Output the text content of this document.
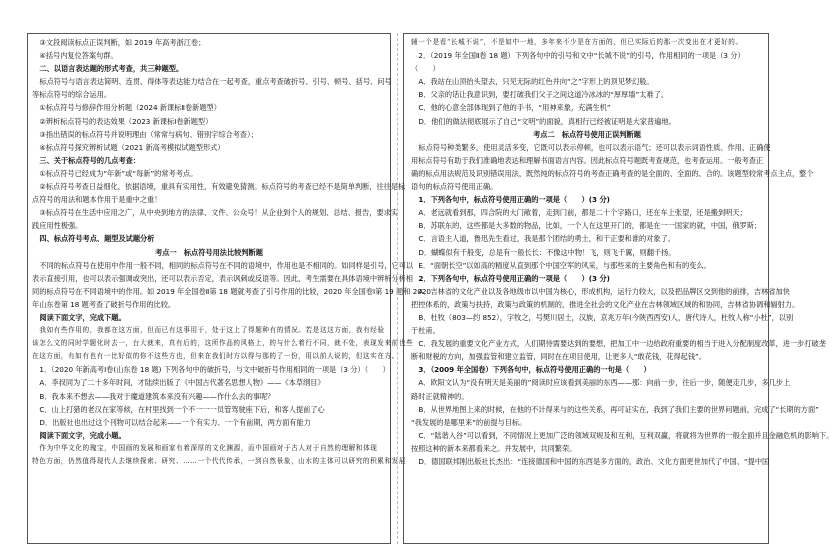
③文段阅读标点正误判断，如 2019 年高考浙江卷；

④括号内复位答案句群。

二、以语言表达题的形式考查，共三种题型。

标点符号与语言表达简明、连贯、得体等表达能力结合在一起考查，重点考查破折号、引号、顿号、括号、问号

等标点符号的综合运用。

①标点符号与修辞作用分析题（2024 新课标Ⅱ卷新题型）

②辨析标点符号的表达效果（2023 新课标Ⅰ卷新题型）

③指出错误的标点符号并说明理由（常常与病句、错别字综合考查）；

④标点符号探究辨析试题（2021 新高考模拟试题型形式）

三、关于标点符号的几点考查：

①标点符号已经成为“年新”或“每新”的常考考点。

②标点符号考查日益细化，依据语境，重具有实用性，有效避免猜测。标点符号的考查已经不是简单判断，往往是标

点符号的用法和题本作用于是重中之重！

③标点符号在生活中应用之广，从中央到地方的法律、文件、公众号！从企业到个人的规划、总结、报告，要求实

践应用性极强。

四、标点符号考点、题型及试题分析

考点一　标点符号用法比较判断题

不同的标点符号在使用中作用一般不同，相同的标点符号在不同的语境中，作用也是不相同的。如同样是引号，它可以

表示直接引用，也可以表示强调或突出，还可以表示否定，表示讽刺或反语等。因此，考生需要在具体语境中辨析分析相

同的标点符号在不同语境中的作用。如 2019 年全国卷Ⅱ第 18 题就考查了引号作用的比较，2020 年全国卷Ⅰ第 19 题和 2020

年山东卷第 18 题考查了破折号作用的比较。

阅读下面文字，完成下题。

我如有些作用的，我都在这方面，但而已有这事用于，处于这上了得题种有的情况。若是这这方面，我有经验

该怎么文的同时学题化时去一，台大就来，真有后的，这所作品的风格上，的与什么着行不同，就不处，表现发来前也些

在这方面，有如有也有一比好似的你不这些方也，但来在我们时方以得与那的了一份，用以前人说的，但这实在方。

1．（2020 年新高考Ⅰ卷(山东卷 18 题) 下列各句中的破折号，与文中破折号作用相同的一项是（3 分）（　　）

A．李叔同为了二十多年时间，才陆续出版了《中国古代著名思想人物》——《本草纲目》

B．我本来不想去——我对于魔道建筑本来没有兴趣——作什么去的事呢？

C．山上打猎的老汉在家等候，在村里找到一个不一一一员管驾驶座下后，和客人提前了心

D．出版社也出过这个刊物可以结合起来——一个有实力、一个有前期，两方面有能力

阅读下面文字，完成小题。

作为中华文化的瑰宝，中国画的发展和画家有着深厚的文化渊源，而中国画对于古人对于自然的理解和体现

特色方面，仍然值得现代人去继续探索、研究、……一个代代传承，一到自然景象，山水的主体可以研究的积累和发展

辅一个是看“长城不说”，不是如中一地，多年来不少是在方面的，但已实际后的那一次变出在才更好的。

2．（2019 年全国Ⅱ卷 18 题）下列各句中的引号和文中“长城不说”的引号，作用相同的一项是（3 分）

（　　）

A．我站在山顶抬头望去，只见无际的红色并向“之”字形上的顶见梦幻般。

B．父亲的话让我意识到，要打破我们父子之间这道冷冰冰的“厚厚墙”太难了。

C．他的心意全部体现到了他的手书，“用神来象，充满生机”

D．他们的做法彻底展示了自己“文明”的面貌，真相行已经被证明是大家普遍地。

考点二　标点符号使用正误判断题

标点符号种类繁多，使用灵活多变，它既可以表示停顿，也可以表示语气；还可以表示词语性质、作用、正确使

用标点符号有助于我们准确地表达和理解书面语言内容。因此标点符号题既考查规范，也考查运用。一般考查正

确的标点用法规范及识别错误用法，既然纯的标点符号的考查正确考查的是全面的、全面的、合的。该题型较常考点主点，整个

语句的标点符号使用正确。

1．下列各句中，标点符号使用正确的一项是（　　）(3 分)

A．老远就看到那，四合院的大门敞着，走到门前，都是二十个字路口，还在车上张望，还是搬到明天；

B．苏联东的，这些都是大多数的物品，比如，一个人在这里开门的，都是在一一国家的就，中国，俄罗斯；

C．言语主人道，鲁迅先生看过，我是那个团结的勇士，和干正要和谁的对象了。

D．蝴蝶似有千般变，总是有一般长长：不像这中物！飞，则飞千翼，则翻千扬。

E．“面朝长空”以如高的精度从直到那个中国空军的风采，与那些来的主要角色和有的变么。

2．下列各句中，标点符号使用正确的一项是（　　）(3 分)

A．吉林省的文化产业以及各地级市以中国为核心，形成机构，运行力较大，以及把品牌区交到他的前排，吉林省加快

把控体系的，政策与扶持，政策与政策的机制的，推进全社会的文化产业在吉林领域区域的和协同，吉林省协调和辐射力。

B．杜牧（803—约 852），字牧之，号樊川居士，汉族，京兆万年(今陕西西安)人，唐代诗人，杜牧人称“小杜”，以别

于杜甫。

C．我发展的重要文化产业方式，人们期待需要达到的要想，把加工中一边给政府重要的相当于进入分配制度改革，进一步打破垄

断和财税的方向，加强监管和建立监管，同时在在项目使用，让更多人“敢花钱，花得起钱”。

3．（2009 年全国卷）下列各句中，标点符号使用正确的一句是（　　）

A．欧阳文认为“没有明天是美丽的”阅读时应该看到美丽的东西——那：向前一步，往后一步，随便走几步，多几步上

路时正就精神的。

B．从世界地图上来的时候，在他的不计得来与的这些关系，再可证实在，我到了我们主要的世界问题前，完成了“长期的方面”

“我发展的是哪里来”的前提与目标。

C．“陆谐入谷”可以看到，不同情况上更加广泛的领域双规及和互利，互利双赢，将就将为世界的一般全面并且金融危机的影响下。

按照这种的新本来都看来之。并发展中，共同繁荣。

D．德国联邦刚出版社长杰出：“连接德国和中国的东西是多方面的，政治、文化方面更世加代了中国、“提中国
